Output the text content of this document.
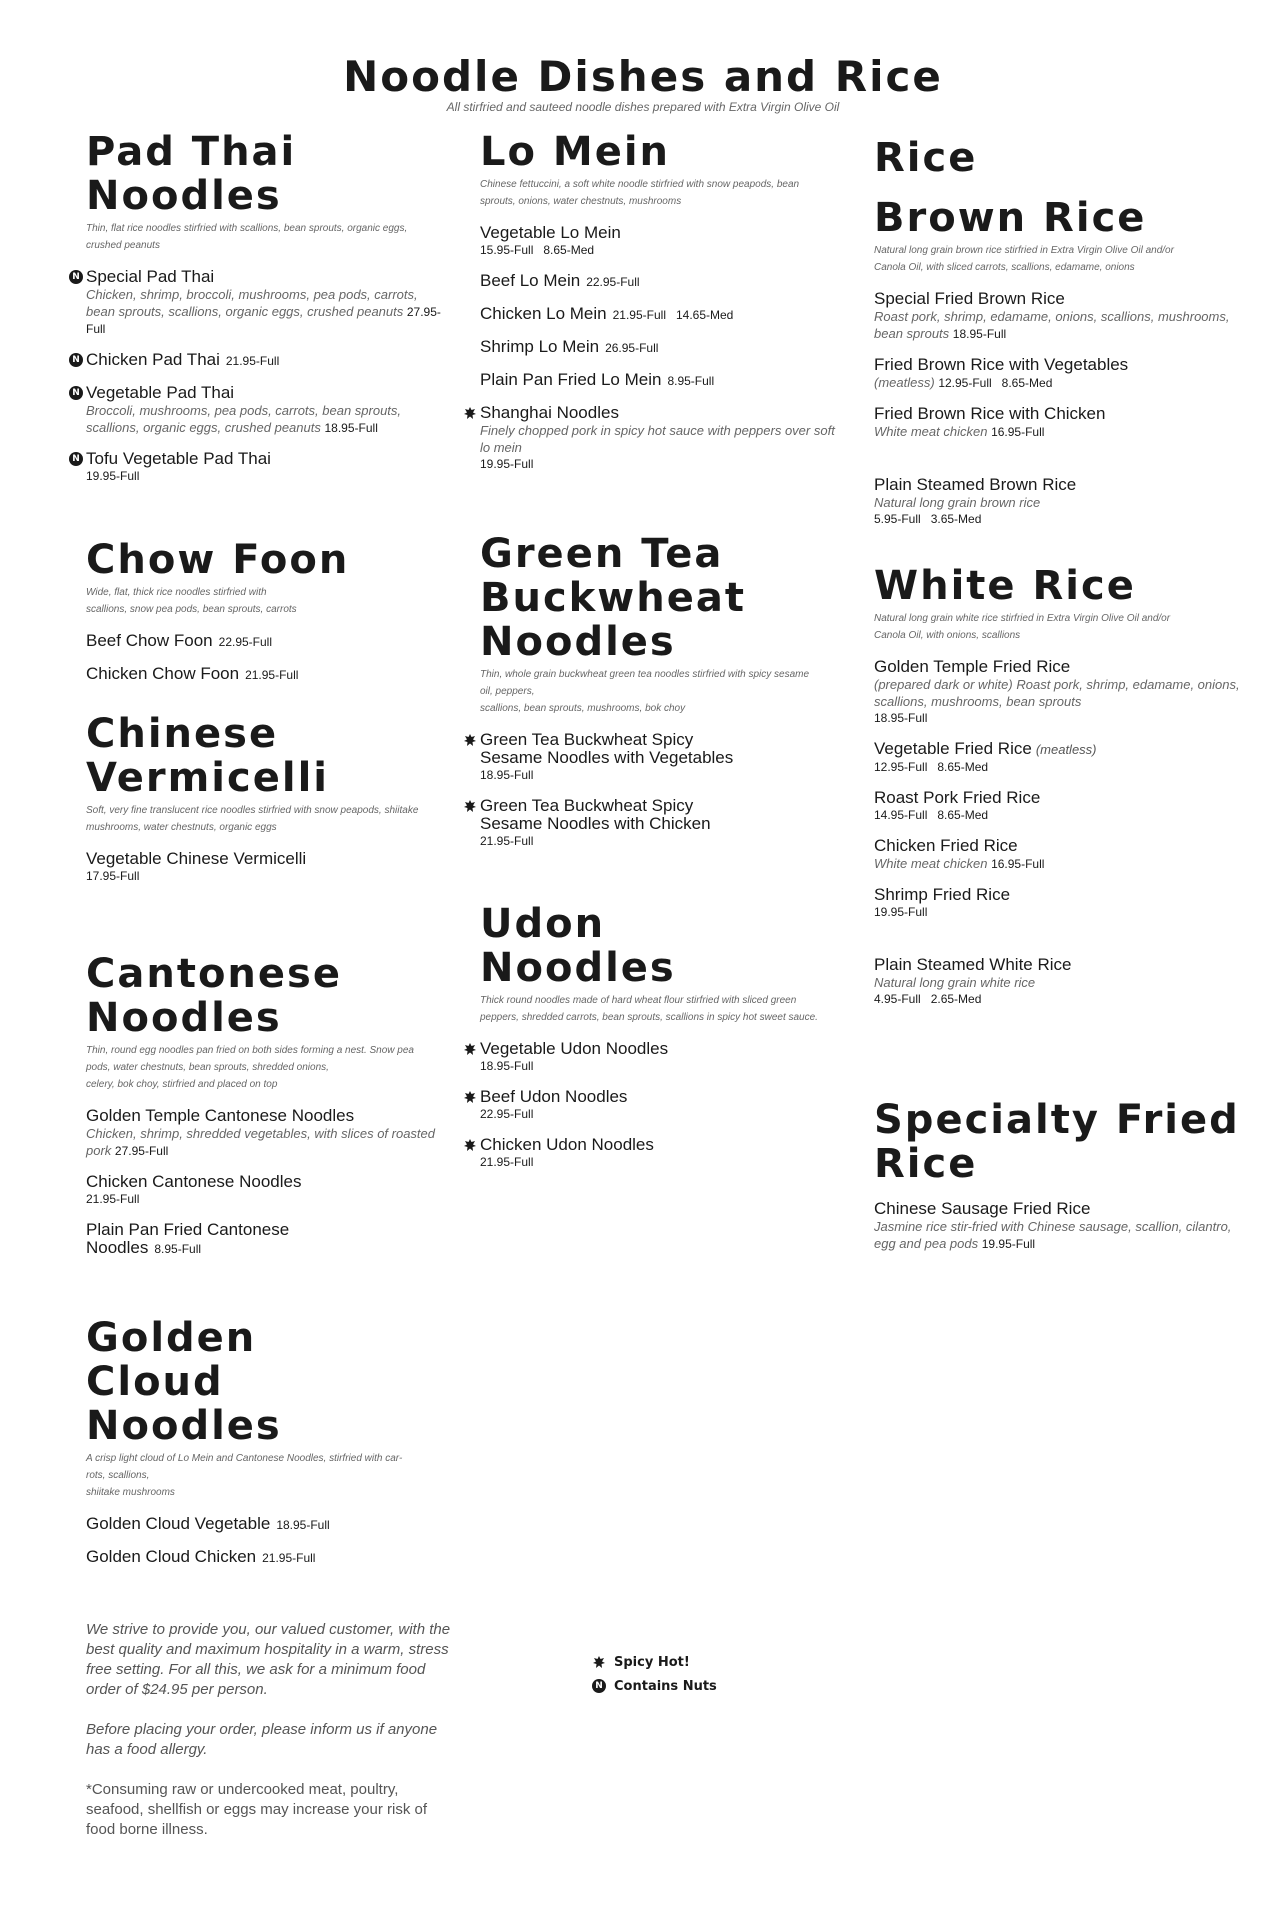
Noodle Dishes and Rice
All stirfried and sauteed noodle dishes prepared with Extra Virgin Olive Oil
Pad Thai
Noodles
Thin, flat rice noodles stirfried with scallions, bean sprouts, organic eggs,
crushed peanuts
N Special Pad Thai
Chicken, shrimp, broccoli, mushrooms, pea pods, carrots, bean sprouts, scallions, organic eggs, crushed peanuts 27.95-Full
N Chicken Pad Thai 21.95-Full
N Vegetable Pad Thai
Broccoli, mushrooms, pea pods, carrots, bean sprouts, scallions, organic eggs, crushed peanuts 18.95-Full
N Tofu Vegetable Pad Thai
19.95-Full
Chow Foon
Wide, flat, thick rice noodles stirfried with
scallions, snow pea pods, bean sprouts, carrots
Beef Chow Foon 22.95-Full
Chicken Chow Foon 21.95-Full
Chinese
Vermicelli
Soft, very fine translucent rice noodles stirfried with snow peapods, shiitake
mushrooms, water chestnuts, organic eggs
Vegetable Chinese Vermicelli
17.95-Full
Cantonese
Noodles
Thin, round egg noodles pan fried on both sides forming a nest. Snow pea
pods, water chestnuts, bean sprouts, shredded onions,
celery, bok choy, stirfried and placed on top
Golden Temple Cantonese Noodles
Chicken, shrimp, shredded vegetables, with slices of roasted pork 27.95-Full
Chicken Cantonese Noodles
21.95-Full
Plain Pan Fried Cantonese
Noodles 8.95-Full
Golden
Cloud
Noodles
A crisp light cloud of Lo Mein and Cantonese Noodles, stirfried with car-
rots, scallions,
shiitake mushrooms
Golden Cloud Vegetable 18.95-Full
Golden Cloud Chicken 21.95-Full
Lo Mein
Chinese fettuccini, a soft white noodle stirfried with snow peapods, bean
sprouts, onions, water chestnuts, mushrooms
Vegetable Lo Mein
15.95-Full   8.65-Med
Beef Lo Mein 22.95-Full
Chicken Lo Mein 21.95-Full   14.65-Med
Shrimp Lo Mein 26.95-Full
Plain Pan Fried Lo Mein 8.95-Full
Shanghai Noodles
Finely chopped pork in spicy hot sauce with peppers over soft lo mein
19.95-Full
Green Tea
Buckwheat
Noodles
Thin, whole grain buckwheat green tea noodles stirfried with spicy sesame
oil, peppers,
scallions, bean sprouts, mushrooms, bok choy
Green Tea Buckwheat Spicy
Sesame Noodles with Vegetables
18.95-Full
Green Tea Buckwheat Spicy
Sesame Noodles with Chicken
21.95-Full
Udon
Noodles
Thick round noodles made of hard wheat flour stirfried with sliced green
peppers, shredded carrots, bean sprouts, scallions in spicy hot sweet sauce.
Vegetable Udon Noodles
18.95-Full
Beef Udon Noodles
22.95-Full
Chicken Udon Noodles
21.95-Full
Rice
Brown Rice
Natural long grain brown rice stirfried in Extra Virgin Olive Oil and/or
Canola Oil, with sliced carrots, scallions, edamame, onions
Special Fried Brown Rice
Roast pork, shrimp, edamame, onions, scallions, mushrooms, bean sprouts 18.95-Full
Fried Brown Rice with Vegetables
(meatless) 12.95-Full   8.65-Med
Fried Brown Rice with Chicken
White meat chicken 16.95-Full
Plain Steamed Brown Rice
Natural long grain brown rice
5.95-Full   3.65-Med
White Rice
Natural long grain white rice stirfried in Extra Virgin Olive Oil and/or
Canola Oil, with onions, scallions
Golden Temple Fried Rice
(prepared dark or white) Roast pork, shrimp, edamame, onions, scallions, mushrooms, bean sprouts
18.95-Full
Vegetable Fried Rice (meatless)
12.95-Full   8.65-Med
Roast Pork Fried Rice
14.95-Full   8.65-Med
Chicken Fried Rice
White meat chicken 16.95-Full
Shrimp Fried Rice
19.95-Full
Plain Steamed White Rice
Natural long grain white rice
4.95-Full   2.65-Med
Specialty Fried
Rice
Chinese Sausage Fried Rice
Jasmine rice stir-fried with Chinese sausage, scallion, cilantro, egg and pea pods 19.95-Full

We strive to provide you, our valued customer, with the best quality and maximum hospitality in a warm, stress free setting. For all this, we ask for a minimum food order of $24.95 per person.

Before placing your order, please inform us if anyone has a food allergy.

*Consuming raw or undercooked meat, poultry, seafood, shellfish or eggs may increase your risk of food borne illness.

Spicy Hot!
N Contains Nuts
